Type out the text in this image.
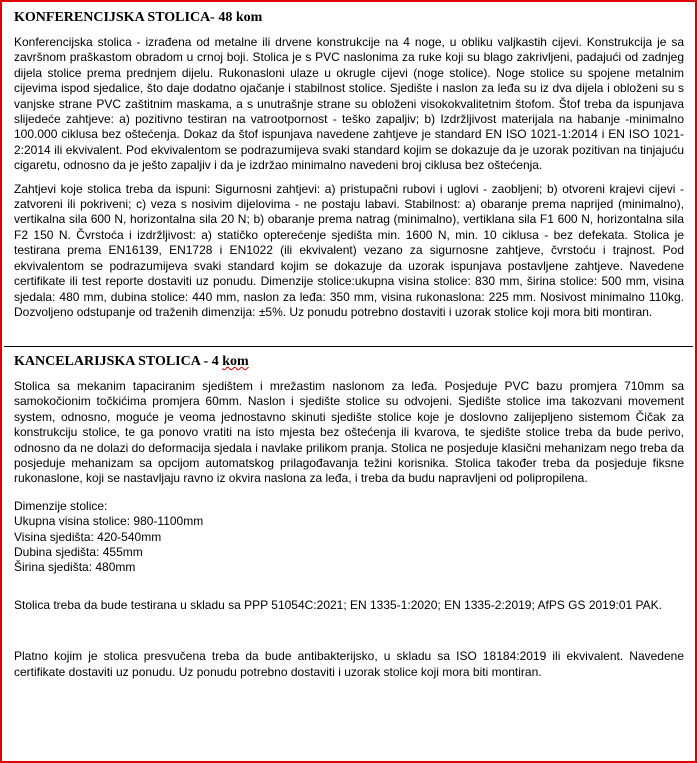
KONFERENCIJSKA STOLICA- 48 kom

Konferencijska stolica - izrađena od metalne ili drvene konstrukcije na 4 noge, u obliku valjkastih cijevi. Konstrukcija je sa završnom praškastom obradom u crnoj boji. Stolica je s PVC naslonima za ruke koji su blago zakrivljeni, padajući od zadnjeg dijela stolice prema prednjem dijelu. Rukonasloni ulaze u okrugle cijevi (noge stolice). Noge stolice su spojene metalnim cijevima ispod sjedalice, što daje dodatno ojačanje i stabilnost stolice. Sjedište i naslon za leđa su iz dva dijela i obloženi su s vanjske strane PVC zaštitnim maskama, a s unutrašnje strane su obloženi visokokvalitetnim štofom. Štof treba da ispunjava slijedeće zahtjeve: a) pozitivno testiran na vatrootpornost - teško zapaljiv; b) Izdržljivost materijala na habanje -minimalno 100.000 ciklusa bez oštećenja. Dokaz da štof ispunjava navedene zahtjeve je standard EN ISO 1021-1:2014 i EN ISO 1021-2:2014 ili ekvivalent. Pod ekvivalentom se podrazumijeva svaki standard kojim se dokazuje da je uzorak pozitivan na tinjajuću cigaretu, odnosno da je ješto zapaljiv i da je izdržao minimalno navedeni broj ciklusa bez oštećenja.

Zahtjevi koje stolica treba da ispuni: Sigurnosni zahtjevi: a) pristupačni rubovi i uglovi - zaobljeni; b) otvoreni krajevi cijevi - zatvoreni ili pokriveni; c) veza s nosivim dijelovima - ne postaju labavi. Stabilnost: a) obaranje prema naprijed (minimalno), vertikalna sila 600 N, horizontalna sila 20 N; b) obaranje prema natrag (minimalno), vertiklana sila F1 600 N, horizontalna sila F2 150 N. Čvrstoća i izdržljivost: a) statičko opterećenje sjedišta min. 1600 N, min. 10 ciklusa - bez defekata. Stolica je testirana prema EN16139, EN1728 i EN1022 (ili ekvivalent) vezano za sigurnosne zahtjeve, čvrstoću i trajnost. Pod ekvivalentom se podrazumijeva svaki standard kojim se dokazuje da uzorak ispunjava postavljene zahtjeve. Navedene certifikate ili test reporte dostaviti uz ponudu. Dimenzije stolice:ukupna visina stolice: 830 mm, širina stolice: 500 mm, visina sjedala: 480 mm, dubina stolice: 440 mm, naslon za leđa: 350 mm, visina rukonaslona: 225 mm. Nosivost minimalno 110kg. Dozvoljeno odstupanje od traženih dimenzija: ±5%. Uz ponudu potrebno dostaviti i uzorak stolice koji mora biti montiran.

KANCELARIJSKA STOLICA - 4 kom

Stolica sa mekanim tapaciranim sjedištem i mrežastim naslonom za leđa. Posjeduje PVC bazu promjera 710mm sa samokočionim točkićima promjera 60mm. Naslon i sjedište stolice su odvojeni. Sjedište stolice ima takozvani movement system, odnosno, moguće je veoma jednostavno skinuti sjedište stolice koje je doslovno zalijepljeno sistemom Čičak za konstrukciju stolice, te ga ponovo vratiti na isto mjesta bez oštećenja ili kvarova, te sjedište stolice treba da bude perivo, odnosno da ne dolazi do deformacija sjedala i navlake prilikom pranja. Stolica ne posjeduje klasični mehanizam nego treba da posjeduje mehanizam sa opcijom automatskog prilagođavanja težini korisnika. Stolica također treba da posjeduje fiksne rukonaslone, koji se nastavljaju ravno iz okvira naslona za leđa, i treba da budu napravljeni od polipropilena.

Dimenzije stolice:
Ukupna visina stolice: 980-1100mm
Visina sjedišta: 420-540mm
Dubina sjedišta: 455mm
Širina sjedišta: 480mm

Stolica treba da bude testirana u skladu sa PPP 51054C:2021; EN 1335-1:2020; EN 1335-2:2019; AfPS GS 2019:01 PAK.

Platno kojim je stolica presvučena treba da bude antibakterijsko, u skladu sa ISO 18184:2019 ili ekvivalent. Navedene certifikate dostaviti uz ponudu. Uz ponudu potrebno dostaviti i uzorak stolice koji mora biti montiran.
